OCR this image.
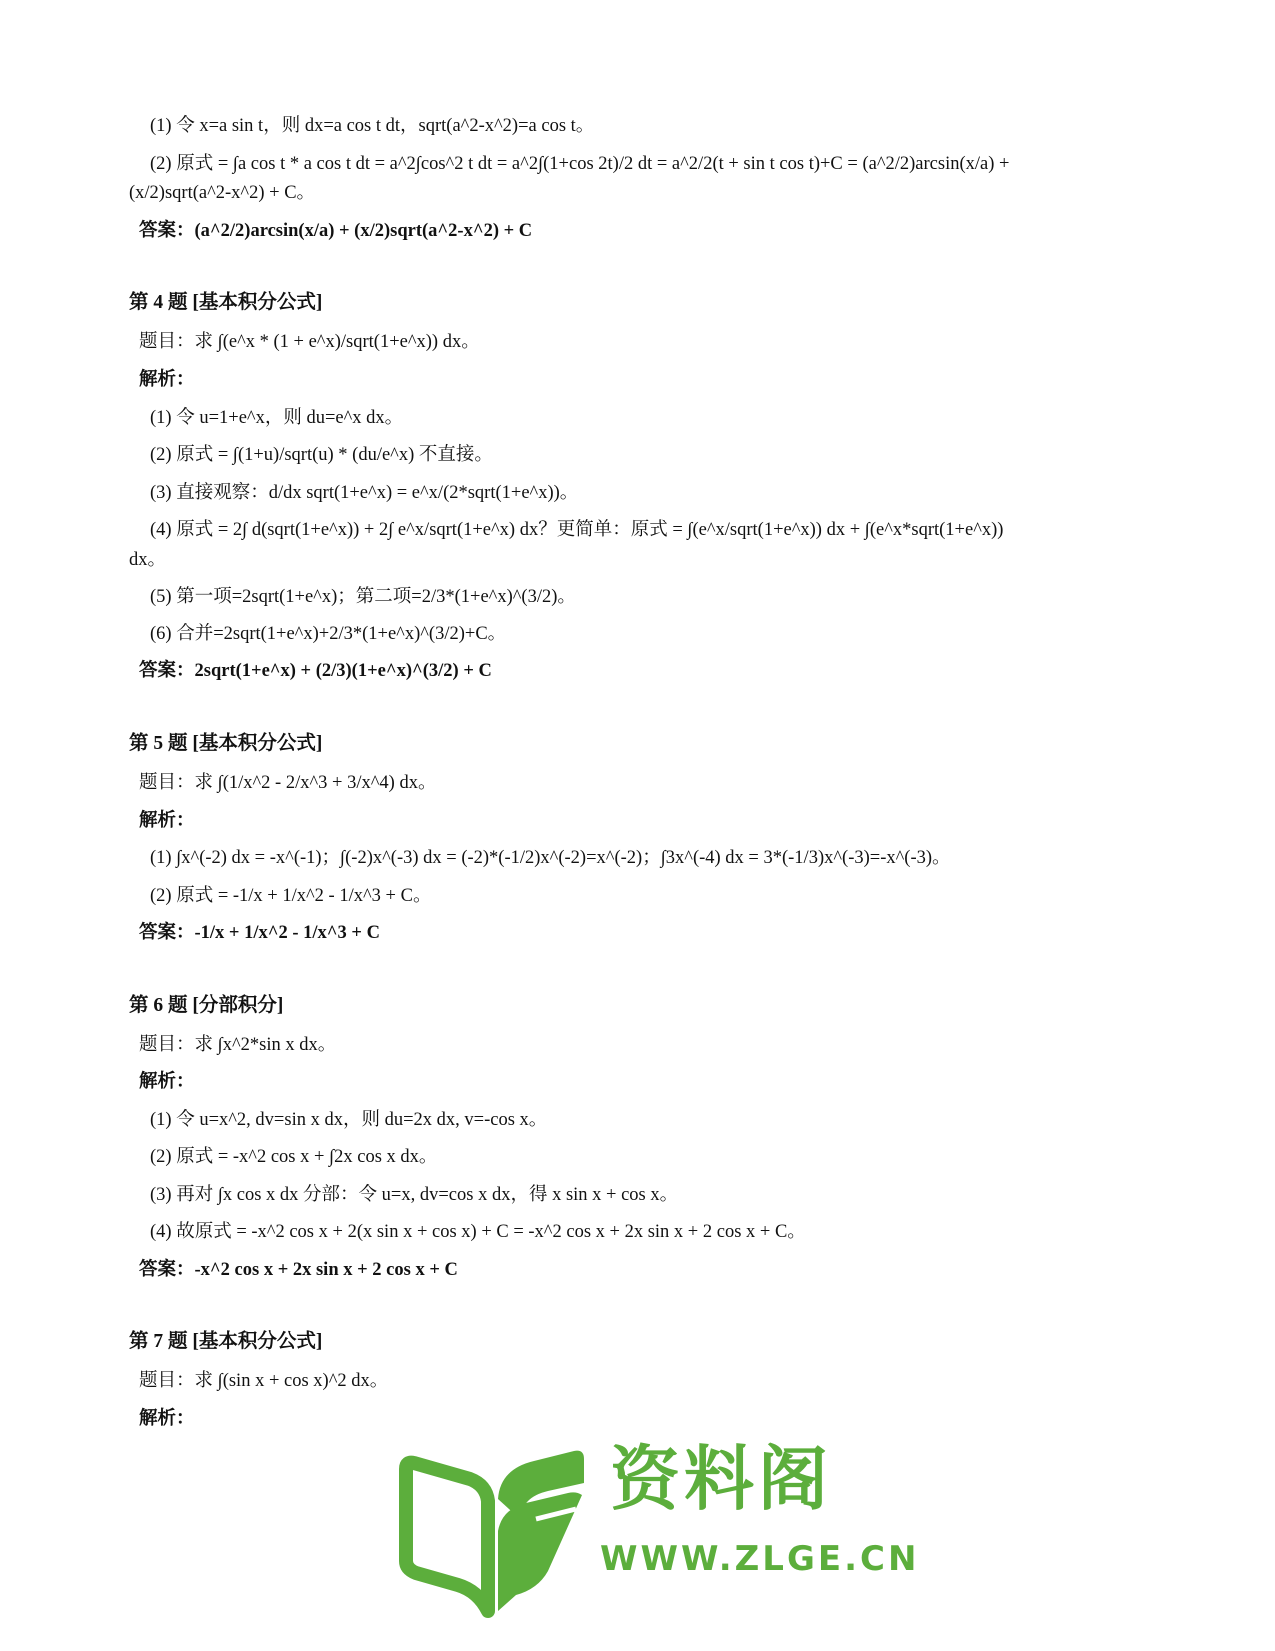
(1) 令 x=a sin t，则 dx=a cos t dt，sqrt(a^2-x^2)=a cos t。
(2) 原式 = ∫a cos t * a cos t dt = a^2∫cos^2 t dt = a^2∫(1+cos 2t)/2 dt = a^2/2(t + sin t cos t)+C = (a^2/2)arcsin(x/a) +
(x/2)sqrt(a^2-x^2) + C。
答案：(a^2/2)arcsin(x/a) + (x/2)sqrt(a^2-x^2) + C
第 4 题 [基本积分公式]
题目：求 ∫(e^x * (1 + e^x)/sqrt(1+e^x)) dx。
解析：
(1) 令 u=1+e^x，则 du=e^x dx。
(2) 原式 = ∫(1+u)/sqrt(u) * (du/e^x) 不直接。
(3) 直接观察：d/dx sqrt(1+e^x) = e^x/(2*sqrt(1+e^x))。
(4) 原式 = 2∫ d(sqrt(1+e^x)) + 2∫ e^x/sqrt(1+e^x) dx？更简单：原式 = ∫(e^x/sqrt(1+e^x)) dx + ∫(e^x*sqrt(1+e^x))
dx。
(5) 第一项=2sqrt(1+e^x)；第二项=2/3*(1+e^x)^(3/2)。
(6) 合并=2sqrt(1+e^x)+2/3*(1+e^x)^(3/2)+C。
答案：2sqrt(1+e^x) + (2/3)(1+e^x)^(3/2) + C
第 5 题 [基本积分公式]
题目：求 ∫(1/x^2 - 2/x^3 + 3/x^4) dx。
解析：
(1) ∫x^(-2) dx = -x^(-1)；∫(-2)x^(-3) dx = (-2)*(-1/2)x^(-2)=x^(-2)；∫3x^(-4) dx = 3*(-1/3)x^(-3)=-x^(-3)。
(2) 原式 = -1/x + 1/x^2 - 1/x^3 + C。
答案：-1/x + 1/x^2 - 1/x^3 + C
第 6 题 [分部积分]
题目：求 ∫x^2*sin x dx。
解析：
(1) 令 u=x^2, dv=sin x dx，则 du=2x dx, v=-cos x。
(2) 原式 = -x^2 cos x + ∫2x cos x dx。
(3) 再对 ∫x cos x dx 分部：令 u=x, dv=cos x dx，得 x sin x + cos x。
(4) 故原式 = -x^2 cos x + 2(x sin x + cos x) + C = -x^2 cos x + 2x sin x + 2 cos x + C。
答案：-x^2 cos x + 2x sin x + 2 cos x + C
第 7 题 [基本积分公式]
题目：求 ∫(sin x + cos x)^2 dx。
解析：
资料阁
WWW.ZLGE.CN
